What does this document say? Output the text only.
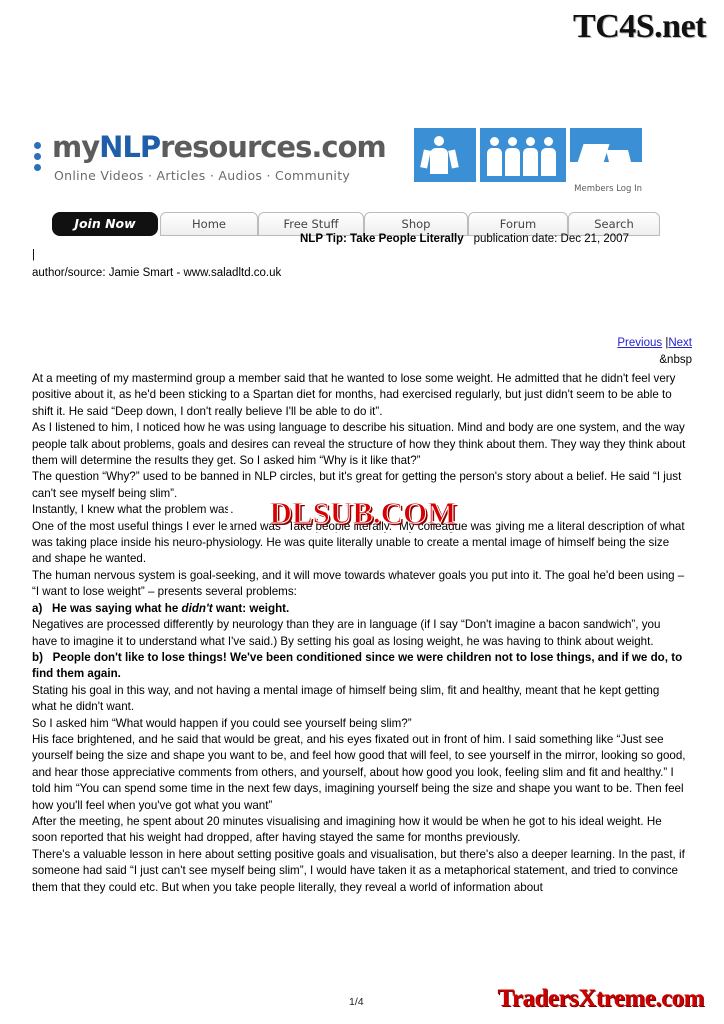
TC4S.net
myNLPresources.com
Online Videos · Articles · Audios · Community
Members Log In
Join Now	Home	Free Stuff	Shop	Forum	Search
NLP Tip: Take People Literally publication date: Dec 21, 2007
|
author/source: Jamie Smart - www.saladltd.co.uk
Previous |Next
&nbsp

At a meeting of my mastermind group a member said that he wanted to lose some weight. He admitted that he didn't feel very positive about it, as he'd been sticking to a Spartan diet for months, had exercised regularly, but just didn't seem to be able to shift it. He said “Deep down, I don't really believe I'll be able to do it”.

As I listened to him, I noticed how he was using language to describe his situation. Mind and body are one system, and the way people talk about problems, goals and desires can reveal the structure of how they think about them. They way they think about them will determine the results they get. So I asked him “Why is it like that?”

The question “Why?” used to be banned in NLP circles, but it's great for getting the person's story about a belief. He said “I just can't see myself being slim”.

Instantly, I knew what the problem was.

One of the most useful things I ever learned was “Take people literally.” My colleague was giving me a literal description of what was taking place inside his neuro-physiology. He was quite literally unable to create a mental image of himself being the size and shape he wanted.

The human nervous system is goal-seeking, and it will move towards whatever goals you put into it. The goal he'd been using – “I want to lose weight” – presents several problems:

a) He was saying what he didn't want: weight.

Negatives are processed differently by neurology than they are in language (if I say “Don't imagine a bacon sandwich”, you have to imagine it to understand what I've said.) By setting his goal as losing weight, he was having to think about weight.

b) People don't like to lose things! We've been conditioned since we were children not to lose things, and if we do, to find them again.

Stating his goal in this way, and not having a mental image of himself being slim, fit and healthy, meant that he kept getting what he didn't want.

So I asked him “What would happen if you could see yourself being slim?”

His face brightened, and he said that would be great, and his eyes fixated out in front of him. I said something like “Just see yourself being the size and shape you want to be, and feel how good that will feel, to see yourself in the mirror, looking so good, and hear those appreciative comments from others, and yourself, about how good you look, feeling slim and fit and healthy.” I told him “You can spend some time in the next few days, imagining yourself being the size and shape you want to be. Then feel how you'll feel when you've got what you want”

After the meeting, he spent about 20 minutes visualising and imagining how it would be when he got to his ideal weight. He soon reported that his weight had dropped, after having stayed the same for months previously.

There's a valuable lesson in here about setting positive goals and visualisation, but there's also a deeper learning. In the past, if someone had said “I just can't see myself being slim”, I would have taken it as a metaphorical statement, and tried to convince them that they could etc. But when you take people literally, they reveal a world of information about

DLSUB.COM
1/4	TradersXtreme.com
